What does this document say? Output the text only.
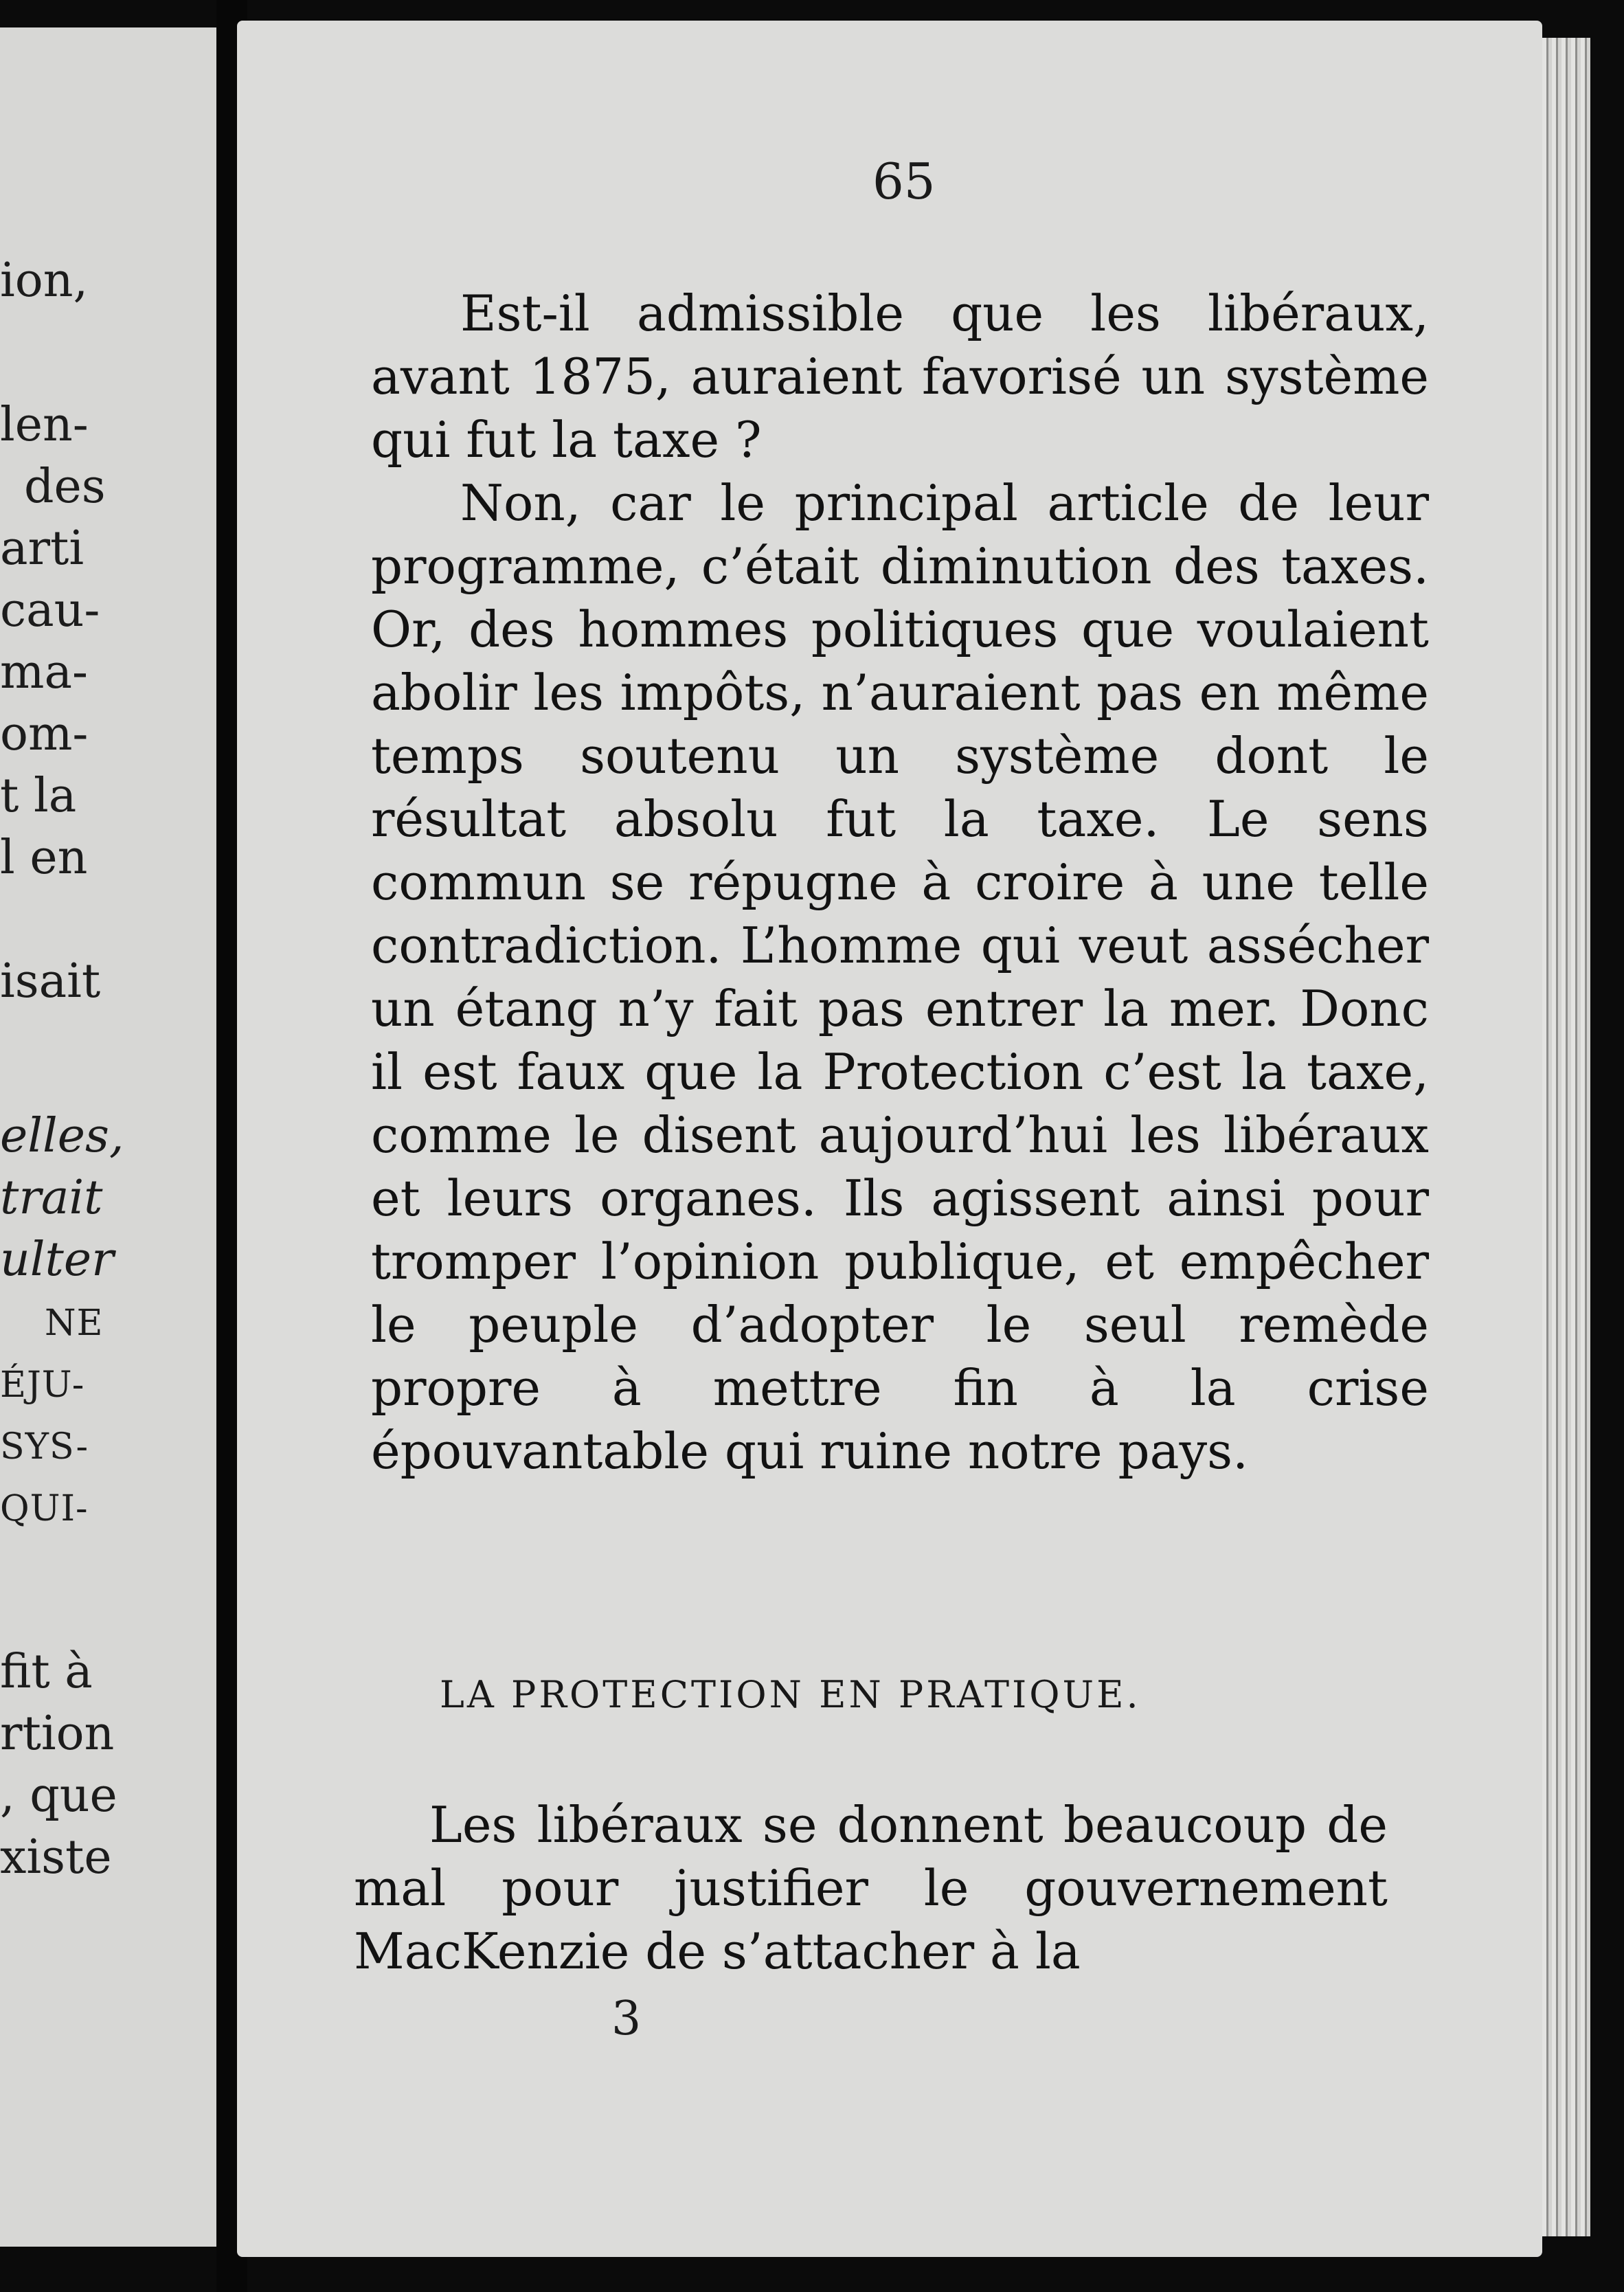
ion,
len-
des
arti
cau-
ma-
om-
t la
l en
isait
elles,
trait
ulter
NE
ÉJU-
SYS-
QUI-
fit à
rtion
, que
xiste
65

Est-il admissible que les libéraux, avant 1875, auraient favorisé un système qui fut la taxe ?

Non, car le principal article de leur programme, c’était diminution des taxes. Or, des hommes politiques que voulaient abolir les impôts, n’auraient pas en même temps soutenu un système dont le résultat absolu fut la taxe. Le sens commun se répugne à croire à une telle contradiction. L’homme qui veut assécher un étang n’y fait pas entrer la mer. Donc il est faux que la Protection c’est la taxe, comme le disent aujourd’hui les libéraux et leurs organes. Ils agissent ainsi pour tromper l’opinion publique, et empêcher le peuple d’adopter le seul remède propre à mettre fin à la crise épouvantable qui ruine notre pays.

LA PROTECTION EN PRATIQUE.

Les libéraux se donnent beaucoup de mal pour justifier le gouvernement MacKenzie de s’attacher à la

3
